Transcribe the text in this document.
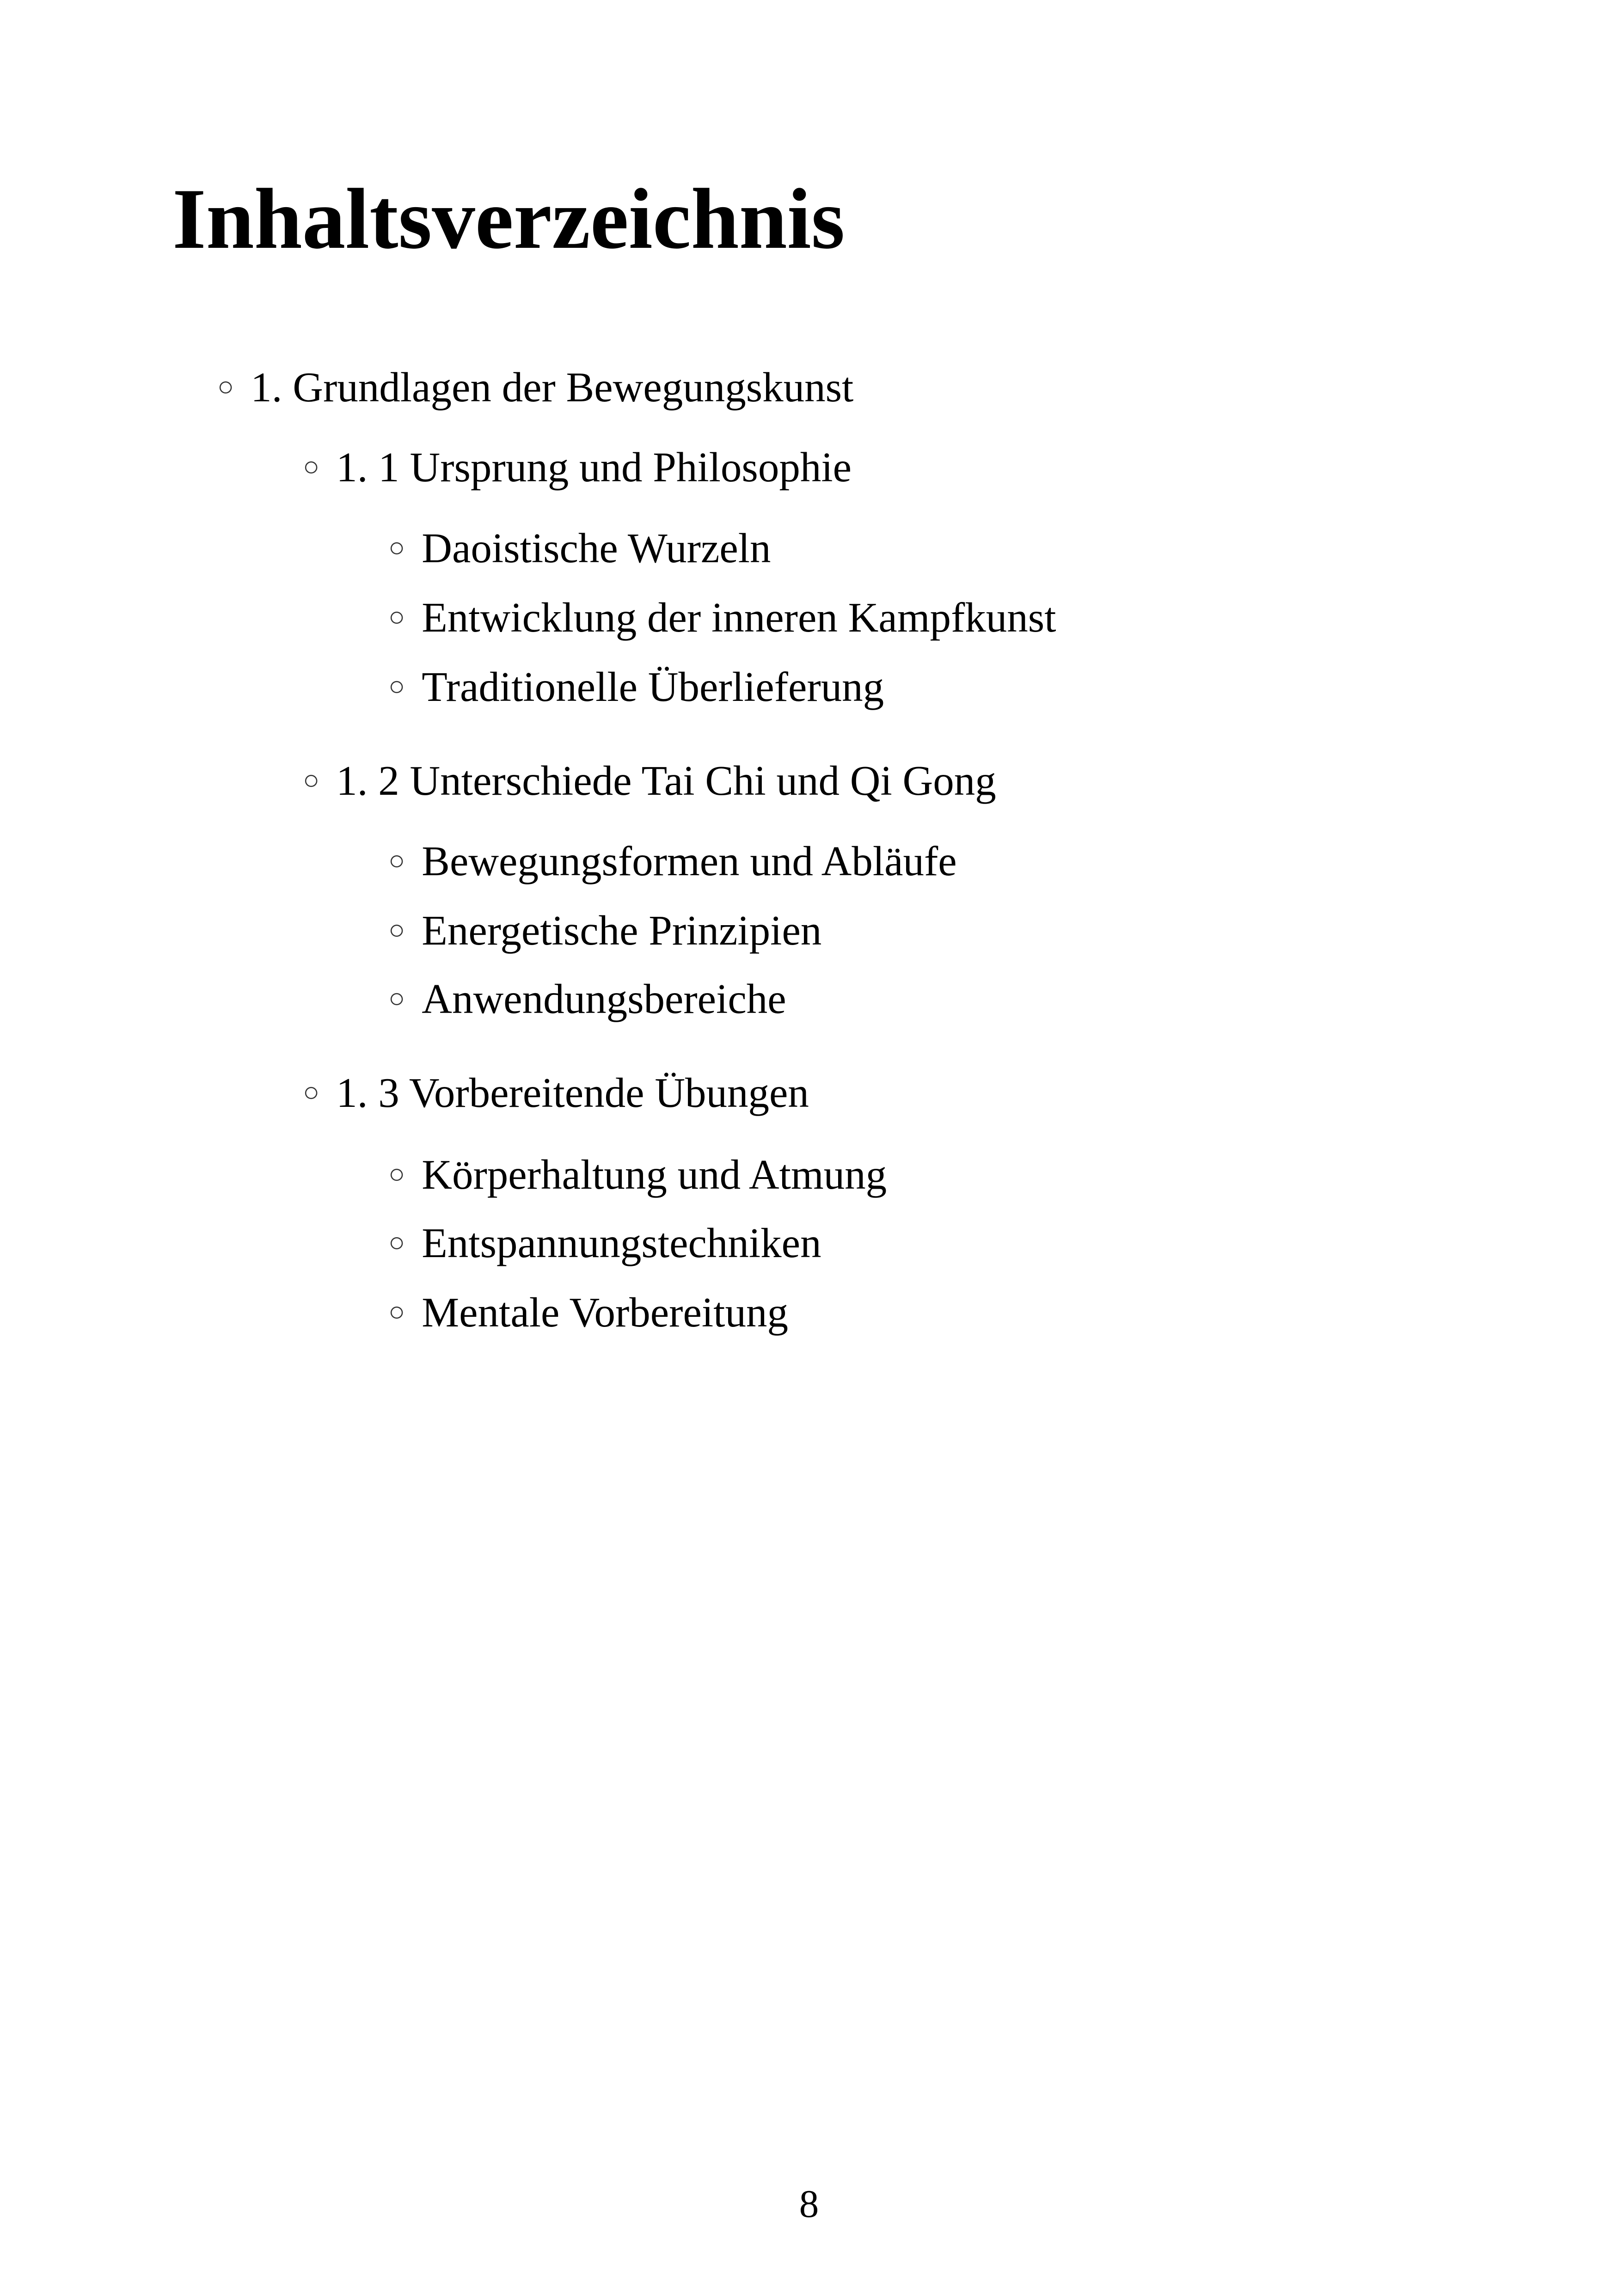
Inhaltsverzeichnis
○ 1. Grundlagen der Bewegungskunst
○ 1. 1 Ursprung und Philosophie
○ Daoistische Wurzeln
○ Entwicklung der inneren Kampfkunst
○ Traditionelle Überlieferung
○ 1. 2 Unterschiede Tai Chi und Qi Gong
○ Bewegungsformen und Abläufe
○ Energetische Prinzipien
○ Anwendungsbereiche
○ 1. 3 Vorbereitende Übungen
○ Körperhaltung und Atmung
○ Entspannungstechniken
○ Mentale Vorbereitung
8
